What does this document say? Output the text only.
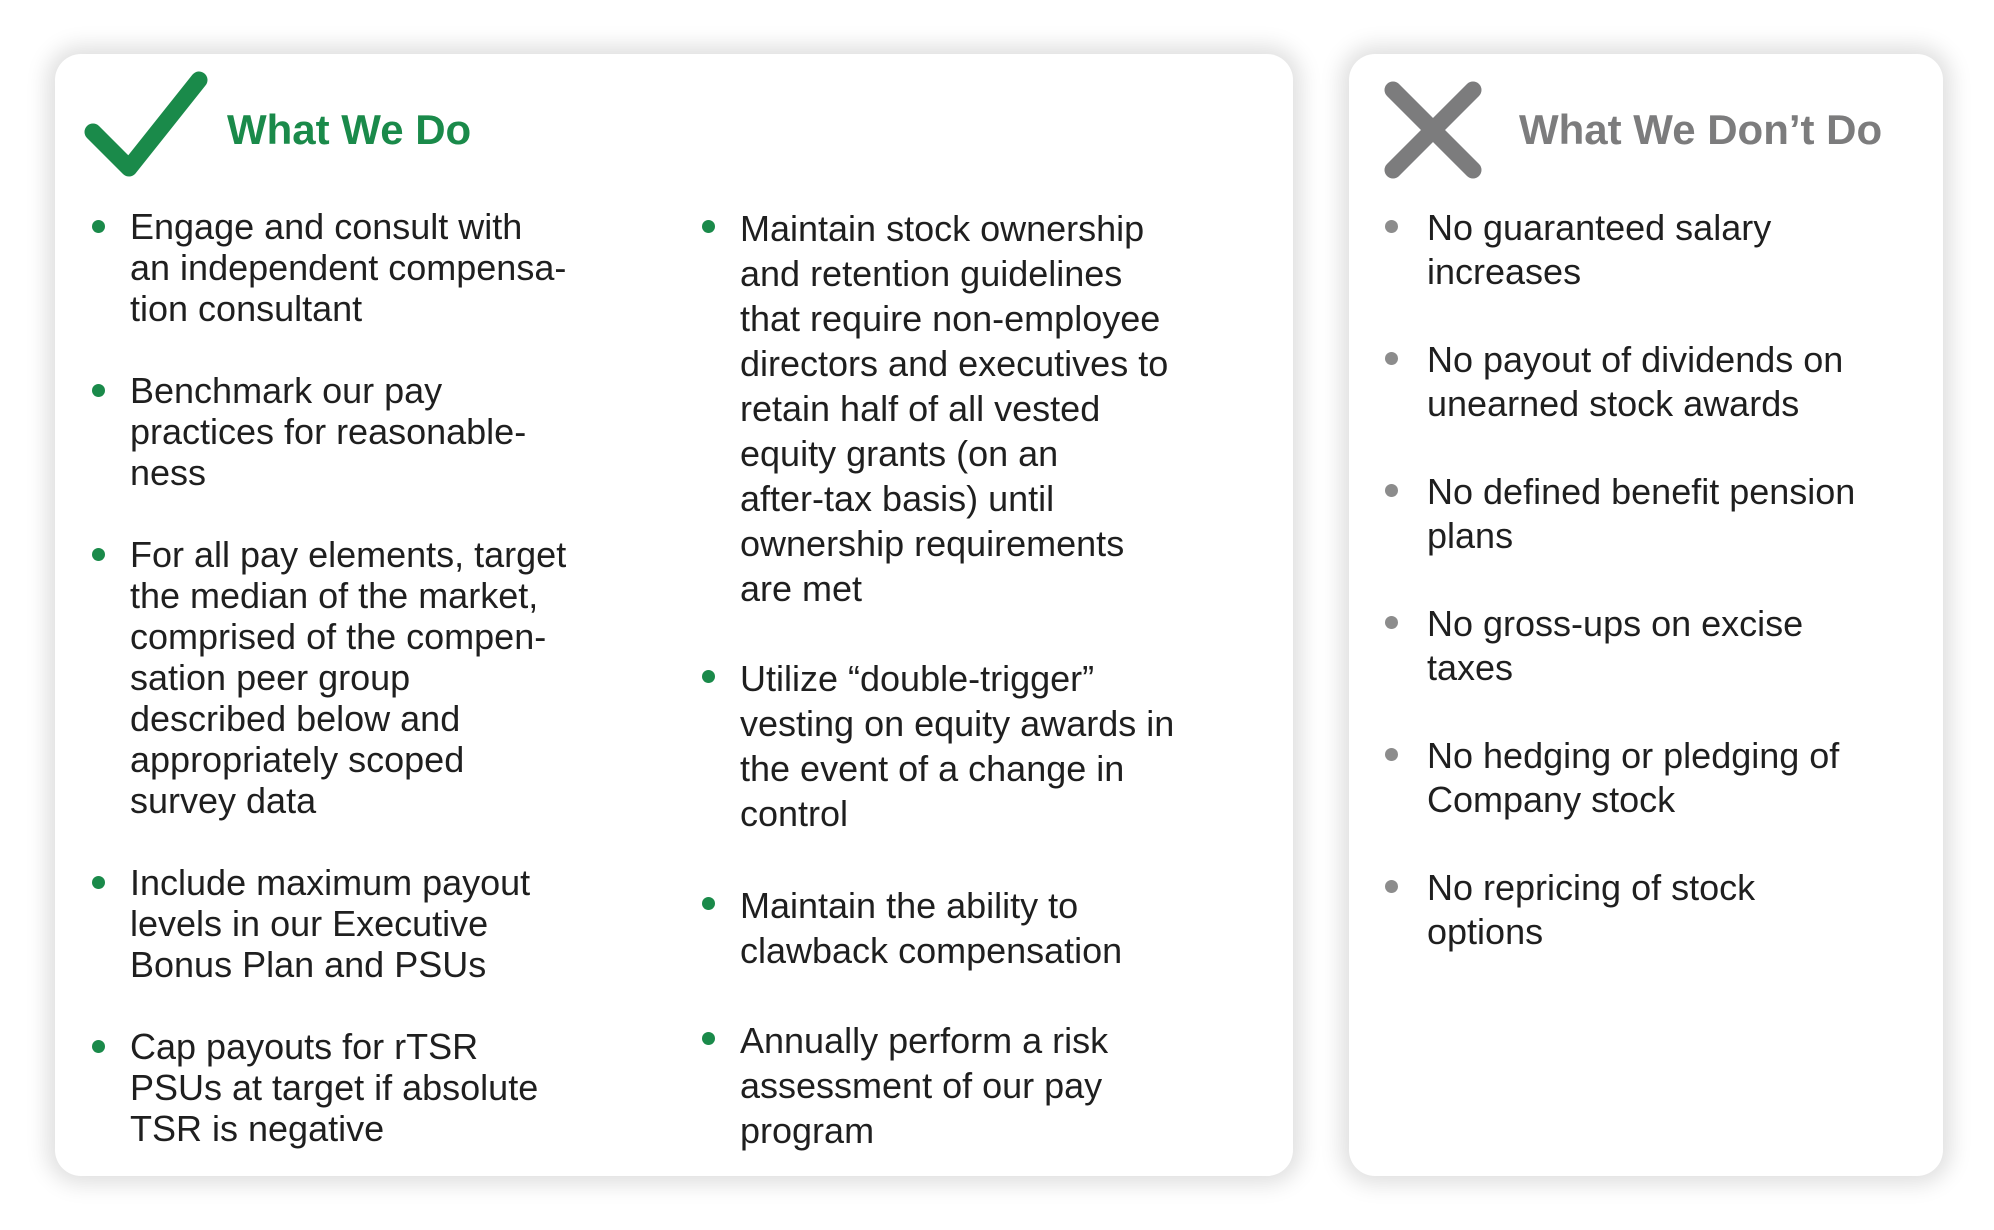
What We Do
Engage and consult with
an independent compensa-
tion consultant
Benchmark our pay
practices for reasonable-
ness
For all pay elements, target
the median of the market,
comprised of the compen-
sation peer group
described below and
appropriately scoped
survey data
Include maximum payout
levels in our Executive
Bonus Plan and PSUs
Cap payouts for rTSR
PSUs at target if absolute
TSR is negative
Maintain stock ownership
and retention guidelines
that require non-employee
directors and executives to
retain half of all vested
equity grants (on an
after-tax basis) until
ownership requirements
are met
Utilize “double-trigger”
vesting on equity awards in
the event of a change in
control
Maintain the ability to
clawback compensation
Annually perform a risk
assessment of our pay
program
What We Don’t Do
No guaranteed salary
increases
No payout of dividends on
unearned stock awards
No defined benefit pension
plans
No gross-ups on excise
taxes
No hedging or pledging of
Company stock
No repricing of stock
options
